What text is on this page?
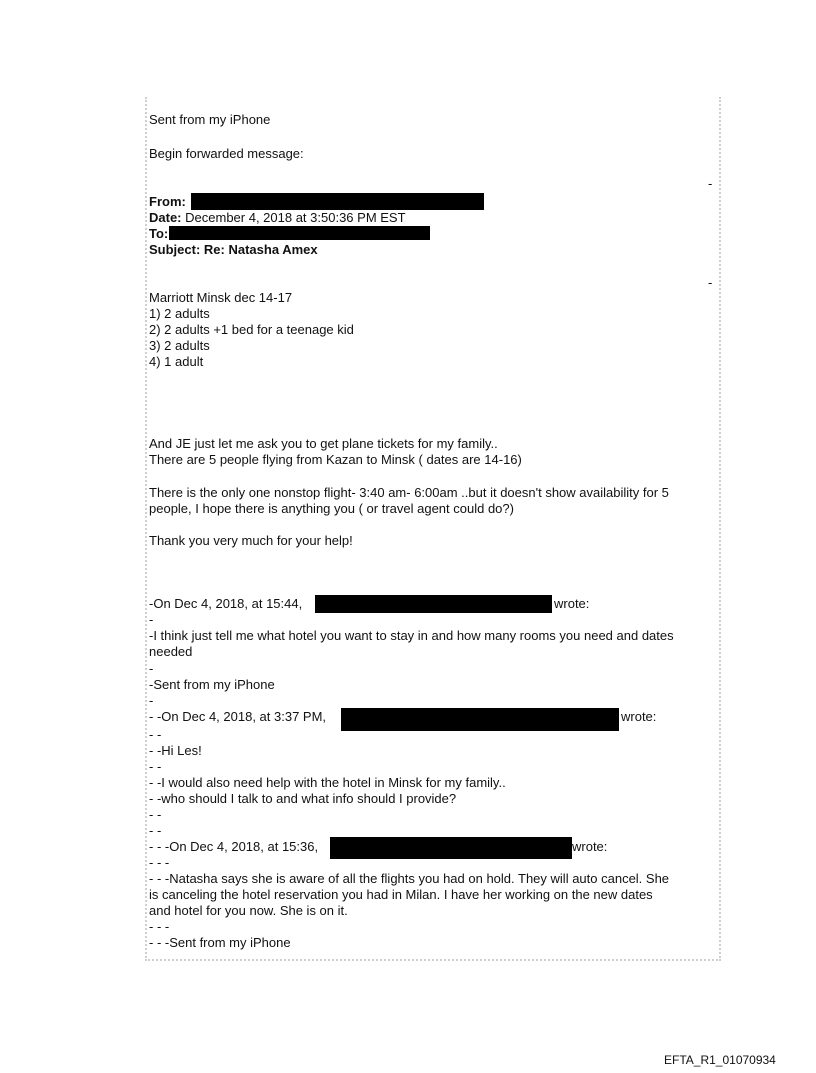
Sent from my iPhone
Begin forwarded message:
-
From:
Date: December 4, 2018 at 3:50:36 PM EST
To:
Subject: Re: Natasha Amex
-
Marriott Minsk dec 14-17
1) 2 adults
2) 2 adults +1 bed for a teenage kid
3) 2 adults
4) 1 adult
And JE just let me ask you to get plane tickets for my family..
There are 5 people flying from Kazan to Minsk ( dates are 14-16)
There is the only one nonstop flight- 3:40 am- 6:00am ..but it doesn't show availability for 5
people, I hope there is anything you ( or travel agent could do?)
Thank you very much for your help!
-On Dec 4, 2018, at 15:44,	wrote:
-
-I think just tell me what hotel you want to stay in and how many rooms you need and dates
needed
-
-Sent from my iPhone
-
- -On Dec 4, 2018, at 3:37 PM,	wrote:
- -
- -Hi Les!
- -
- -I would also need help with the hotel in Minsk for my family..
- -who should I talk to and what info should I provide?
- -
- -
- - -On Dec 4, 2018, at 15:36,	wrote:
- - -
- - -Natasha says she is aware of all the flights you had on hold. They will auto cancel. She
is canceling the hotel reservation you had in Milan. I have her working on the new dates
and hotel for you now. She is on it.
- - -
- - -Sent from my iPhone
EFTA_R1_01070934
